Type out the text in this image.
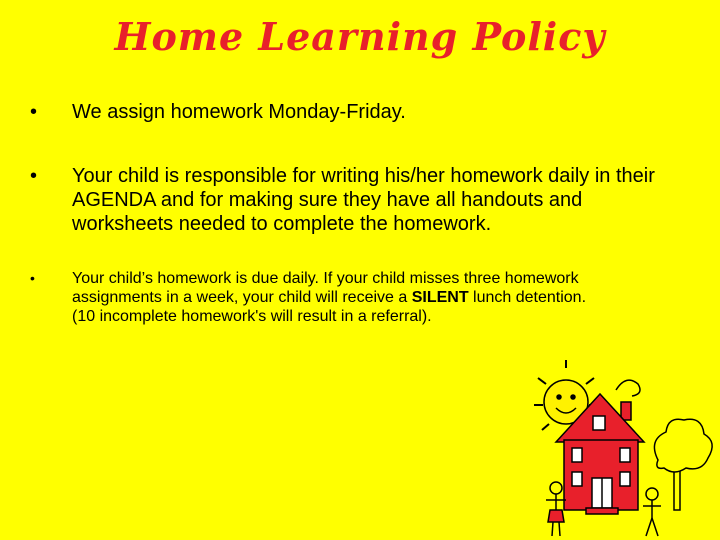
Home Learning Policy
• We assign homework Monday-Friday.
• Your child is responsible for writing his/her homework daily in their AGENDA and for making sure they have all handouts and worksheets needed to complete the homework.
• Your child’s homework is due daily. If your child misses three homework assignments in a week, your child will receive a SILENT lunch detention. (10 incomplete homework's will result in a referral).
